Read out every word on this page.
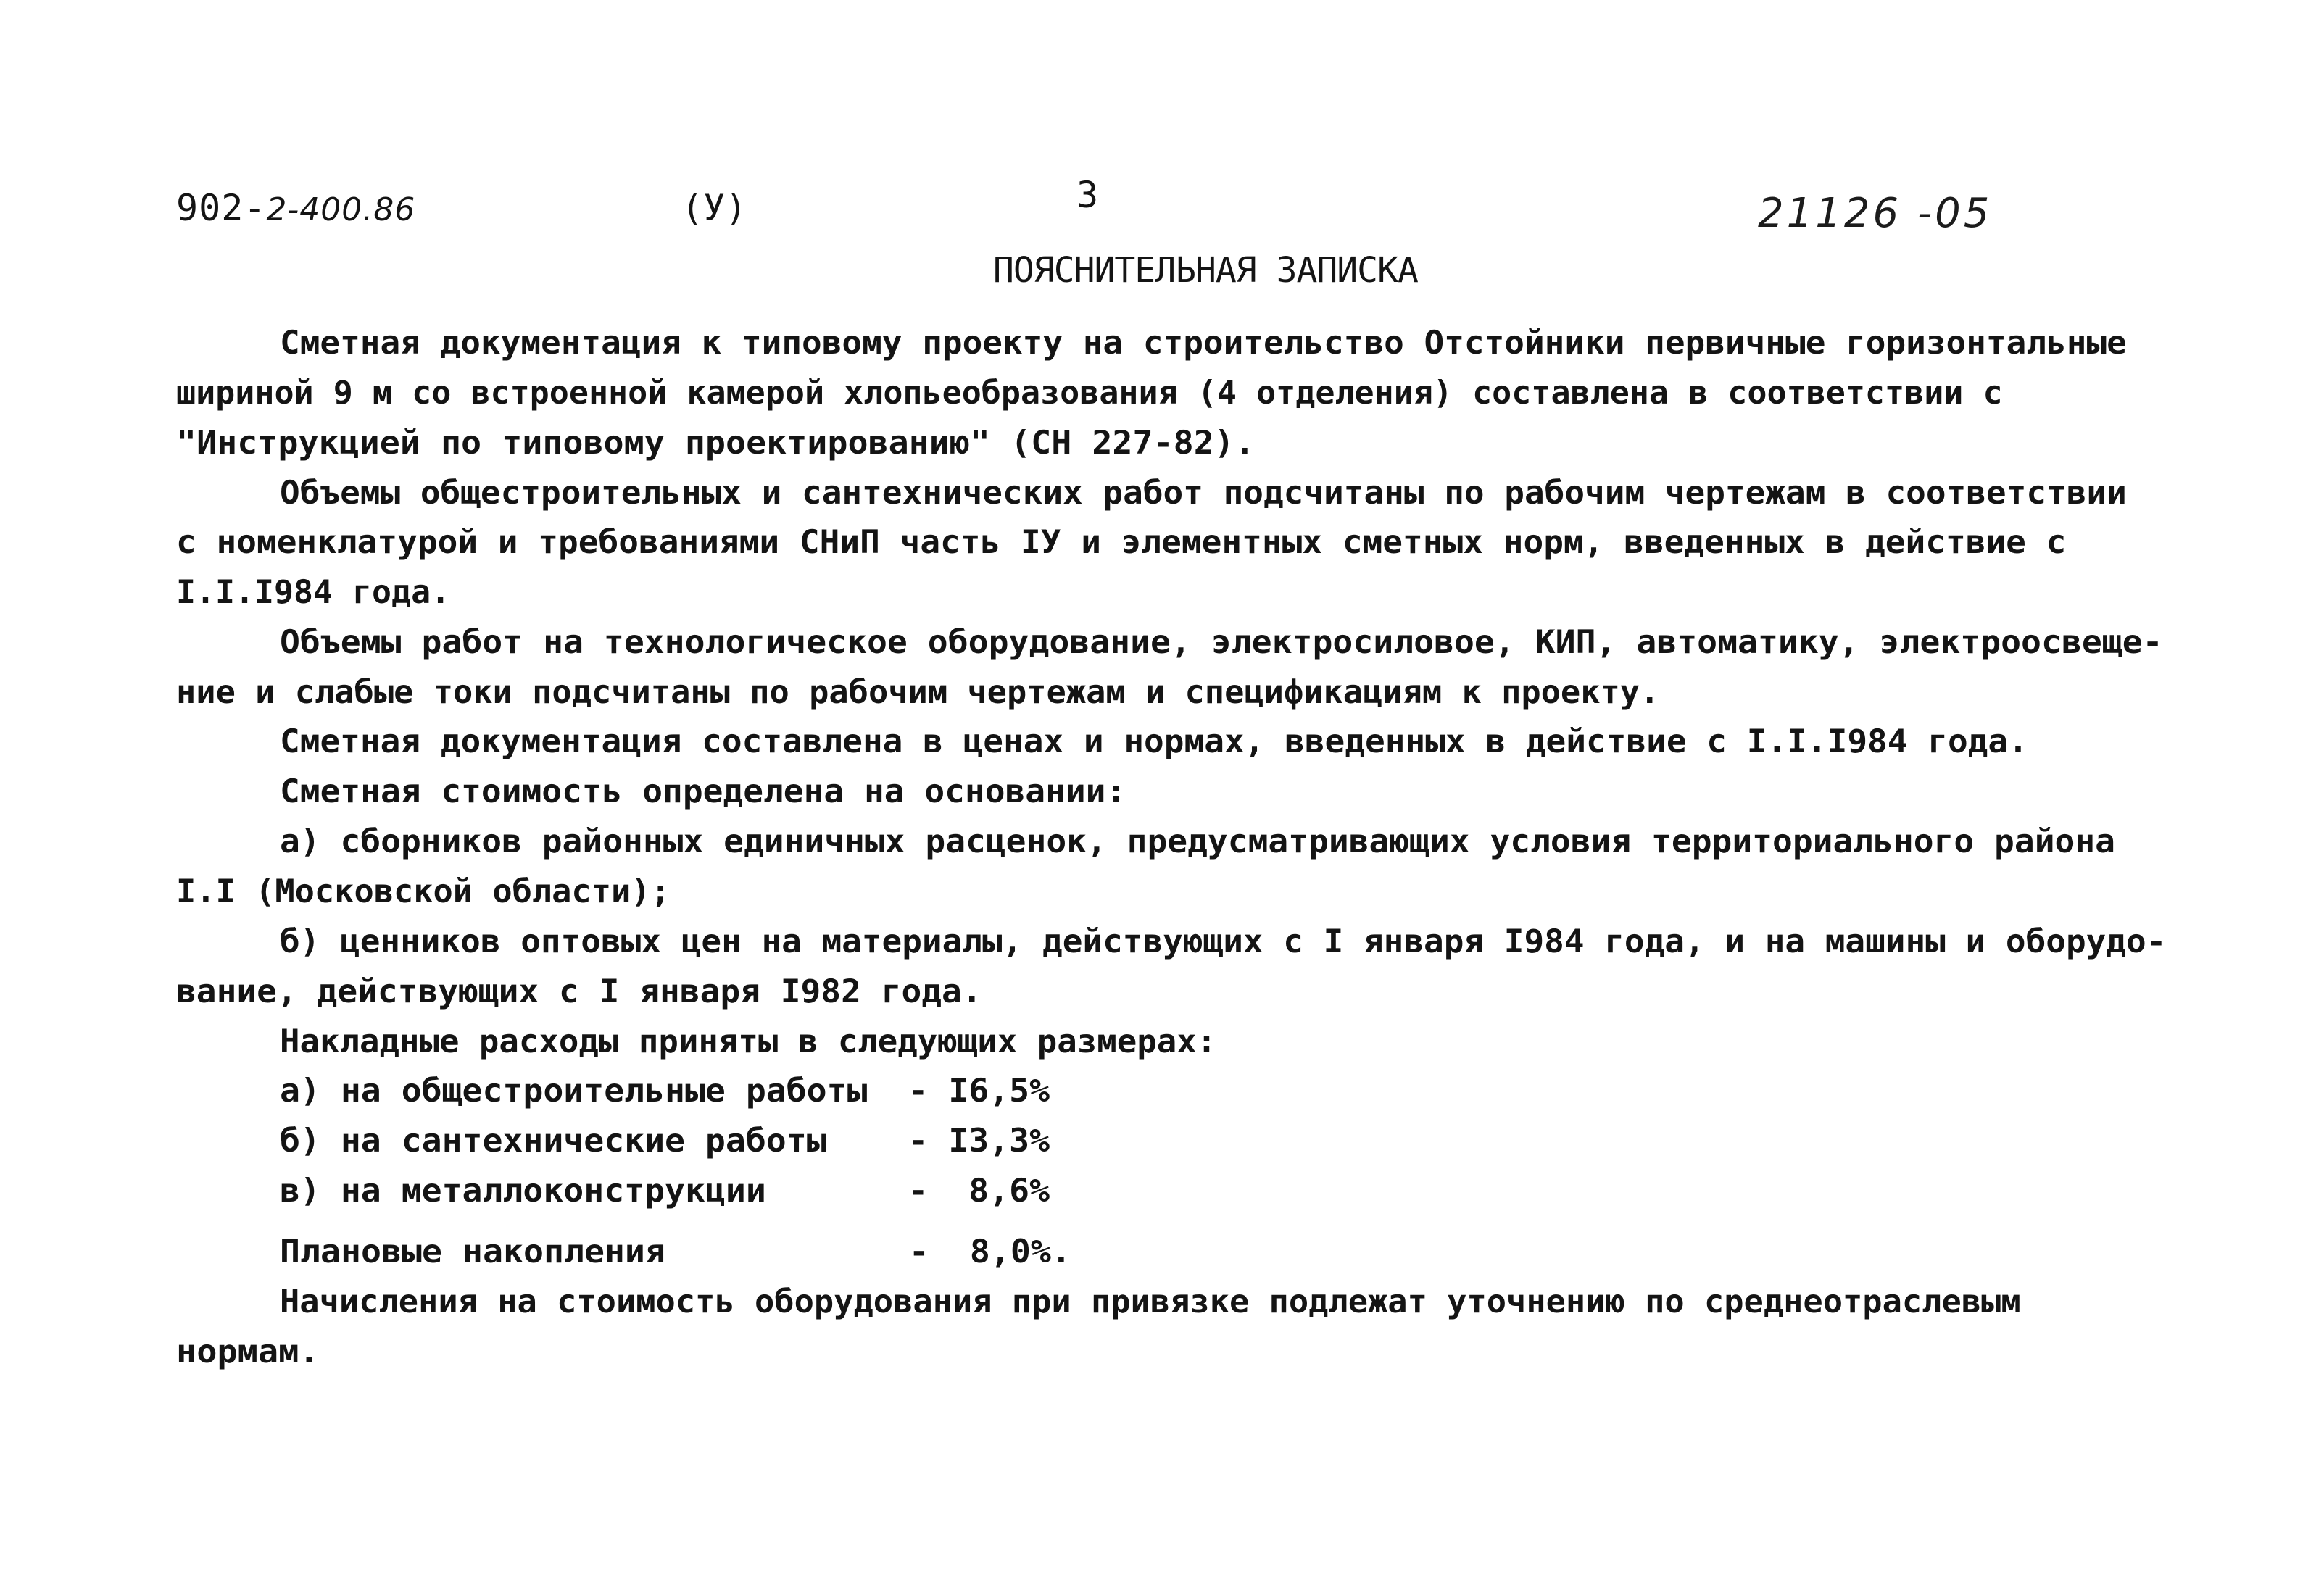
902-2-400.86	(У)	3	21126 -05
ПОЯСНИТЕЛЬНАЯ ЗАПИСКА
Сметная документация к типовому проекту на строительство Отстойники первичные горизонтальные
шириной 9 м со встроенной камерой хлопьеобразования (4 отделения) составлена в соответствии с
"Инструкцией по типовому проектированию" (СН 227-82).
Объемы общестроительных и сантехнических работ подсчитаны по рабочим чертежам в соответствии
с номенклатурой и требованиями СНиП часть IУ и элементных сметных норм, введенных в действие с
I.I.I984 года.
Объемы работ на технологическое оборудование, электросиловое, КИП, автоматику, электроосвеще-
ние и слабые токи подсчитаны по рабочим чертежам и спецификациям к проекту.
Сметная документация составлена в ценах и нормах, введенных в действие с I.I.I984 года.
Сметная стоимость определена на основании:
а) сборников районных единичных расценок, предусматривающих условия территориального района
I.I (Московской области);
б) ценников оптовых цен на материалы, действующих с I января I984 года, и на машины и оборудо-
вание, действующих с I января I982 года.
Накладные расходы приняты в следующих размерах:
а) на общестроительные работы  - I6,5%
б) на сантехнические работы    - I3,3%
в) на металлоконструкции       -  8,6%
Плановые накопления            -  8,0%.
Начисления на стоимость оборудования при привязке подлежат уточнению по среднеотраслевым
нормам.
